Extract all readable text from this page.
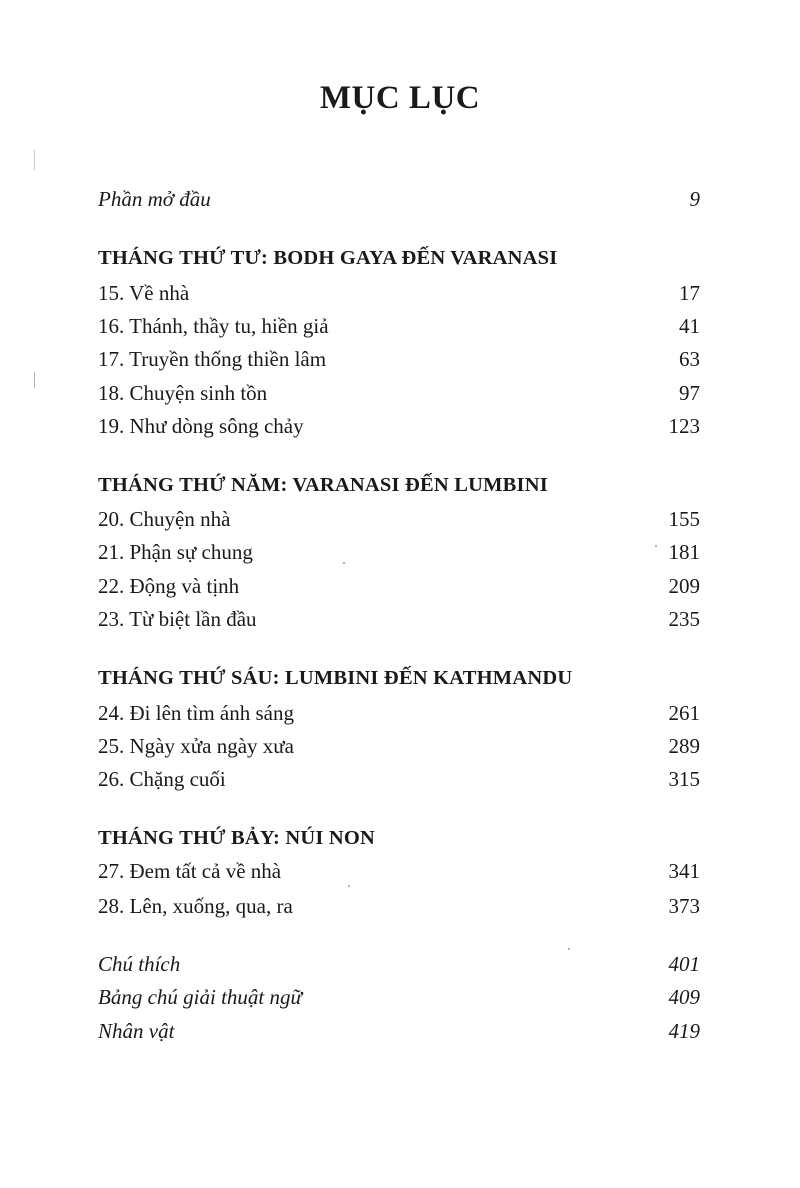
MỤC LỤC
Phần mở đầu	9
THÁNG THỨ TƯ: BODH GAYA ĐẾN VARANASI
15. Về nhà	17
16. Thánh, thầy tu, hiền giả	41
17. Truyền thống thiền lâm	63
18. Chuyện sinh tồn	97
19. Như dòng sông chảy	123
THÁNG THỨ NĂM: VARANASI ĐẾN LUMBINI
20. Chuyện nhà	155
21. Phận sự chung	181
22. Động và tịnh	209
23. Từ biệt lần đầu	235
THÁNG THỨ SÁU: LUMBINI ĐẾN KATHMANDU
24. Đi lên tìm ánh sáng	261
25. Ngày xửa ngày xưa	289
26. Chặng cuối	315
THÁNG THỨ BẢY: NÚI NON
27. Đem tất cả về nhà	341
28. Lên, xuống, qua, ra	373
Chú thích	401
Bảng chú giải thuật ngữ	409
Nhân vật	419
